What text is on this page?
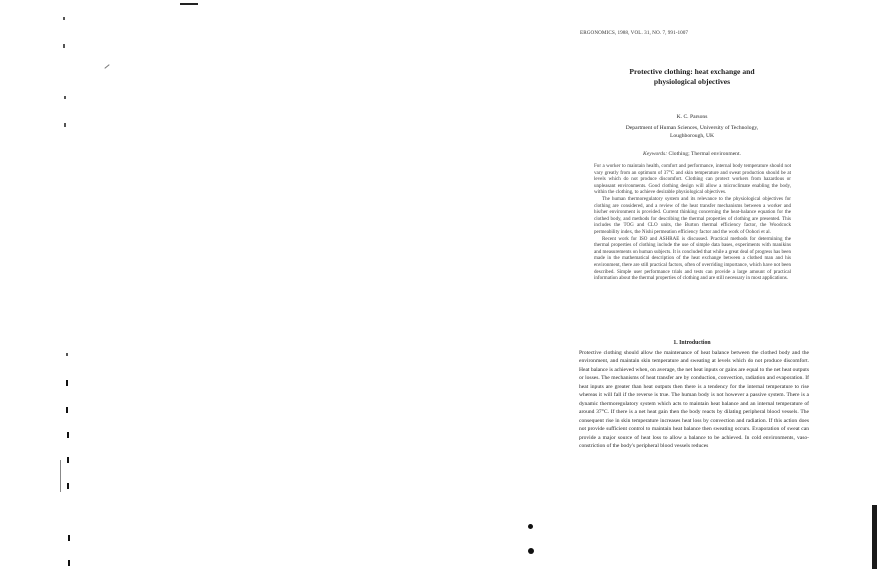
ERGONOMICS, 1988, VOL. 31, NO. 7, 991-1007
Protective clothing: heat exchange and
physiological objectives
K. C. Parsons
Department of Human Sciences, University of Technology,
Loughborough, UK
Keywords: Clothing; Thermal environment.

For a worker to maintain health, comfort and performance, internal body temperature should not vary greatly from an optimum of 37°C and skin temperature and sweat production should be at levels which do not produce discomfort. Clothing can protect workers from hazardous or unpleasant environments. Good clothing design will allow a microclimate enabling the body, within the clothing, to achieve desirable physiological objectives.

The human thermoregulatory system and its relevance to the physiological objectives for clothing are considered, and a review of the heat transfer mechanisms between a worker and his/her environment is provided. Current thinking concerning the heat-balance equation for the clothed body, and methods for describing the thermal properties of clothing are presented. This includes the TOG and CLO units, the Burton thermal efficiency factor, the Woodcock permeability index, the Nishi permeation efficiency factor and the work of Oohori et al.

Recent work for ISO and ASHRAE is discussed. Practical methods for determining the thermal properties of clothing include the use of simple data bases, experiments with manikins and measurements on human subjects. It is concluded that while a great deal of progress has been made in the mathematical description of the heat exchange between a clothed man and his environment, there are still practical factors, often of overriding importance, which have not been described. Simple user performance trials and tests can provide a large amount of practical information about the thermal properties of clothing and are still necessary in most applications.

1. Introduction

Protective clothing should allow the maintenance of heat balance between the clothed body and the environment, and maintain skin temperature and sweating at levels which do not produce discomfort. Heat balance is achieved when, on average, the net heat inputs or gains are equal to the net heat outputs or losses. The mechanisms of heat transfer are by conduction, convection, radiation and evaporation. If heat inputs are greater than heat outputs then there is a tendency for the internal temperature to rise whereas it will fall if the reverse is true. The human body is not however a passive system. There is a dynamic thermoregulatory system which acts to maintain heat balance and an internal temperature of around 37°C. If there is a net heat gain then the body reacts by dilating peripheral blood vessels. The consequent rise in skin temperature increases heat loss by convection and radiation. If this action does not provide sufficient control to maintain heat balance then sweating occurs. Evaporation of sweat can provide a major source of heat loss to allow a balance to be achieved. In cold environments, vaso-constriction of the body's peripheral blood vessels reduces
